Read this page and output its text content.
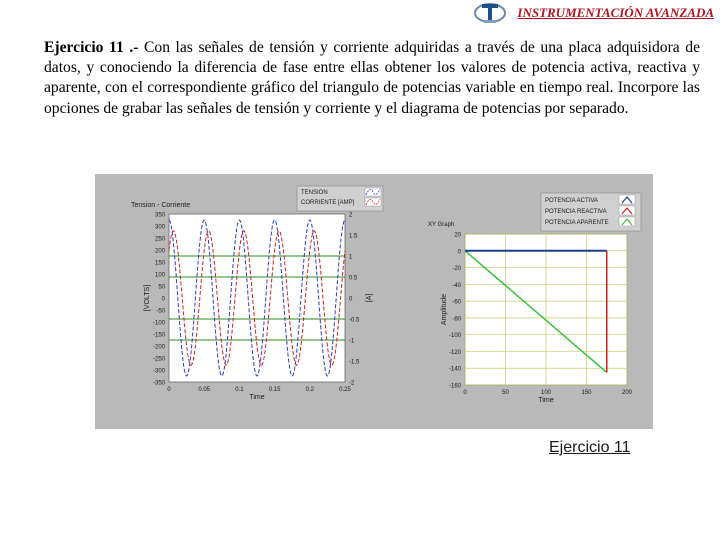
INSTRUMENTACIÓN AVANZADA
Ejercicio 11 .- Con las señales de tensión y corriente adquiridas a través de una placa adquisidora de datos, y conociendo la diferencia de fase entre ellas obtener los valores de potencia activa, reactiva y aparente, con el correspondiente gráfico del triangulo de potencias variable en tiempo real. Incorpore las opciones de grabar las señales de tensión y corriente y el diagrama de potencias por separado.
Tension - Corriente
TENSION
CORRIENTE [AMP]
350
300
250
200
150
100
50
0
-50
-100
-150
-200
-250
-300
-350
2
1.5
1
0.5
0
-0.5
-1
-1.5
-2
0	0.05	0.1	0.15	0.2	0.25
Time
[VOLTS]	[A]
XY Graph
POTENCIA ACTIVA
POTENCIA REACTIVA
POTENCIA APARENTE
0	50	100	150	200
20
0
-20
-40
-60
-80
-100
-120
-140
-160
Time
Amplitude
Ejercicio 11
